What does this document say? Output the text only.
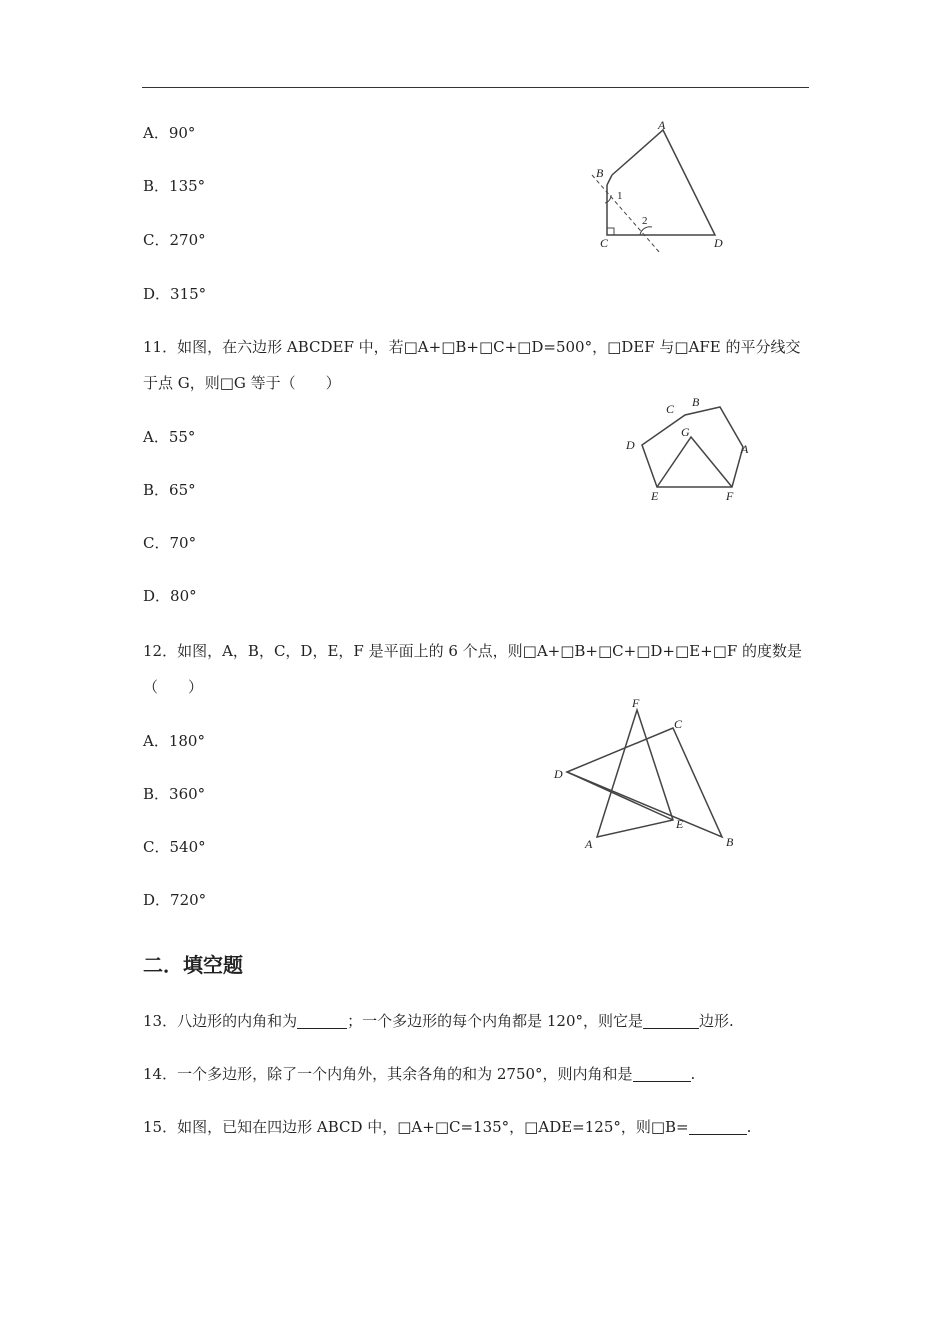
A．90°
B．135°
C．270°
D．315°
A
B
C	D
1
2
11．如图，在六边形 ABCDEF 中，若□A+□B+□C+□D=500°，□DEF 与□AFE 的平分线交
于点 G，则□G 等于（　　）
A．55°
B．65°
C．70°
D．80°
A
B
C
D
E	F
G
12．如图，A，B，C，D，E，F 是平面上的 6 个点，则□A+□B+□C+□D+□E+□F 的度数是
（　　）
A．180°
B．360°
C．540°
D．720°
A	B
C
D
E
F
二．填空题
13．八边形的内角和为	；一个多边形的每个内角都是 120°，则它是	边形.
14．一个多边形，除了一个内角外，其余各角的和为 2750°，则内角和是	.
15．如图，已知在四边形 ABCD 中，□A+□C=135°，□ADE=125°，则□B=	.
